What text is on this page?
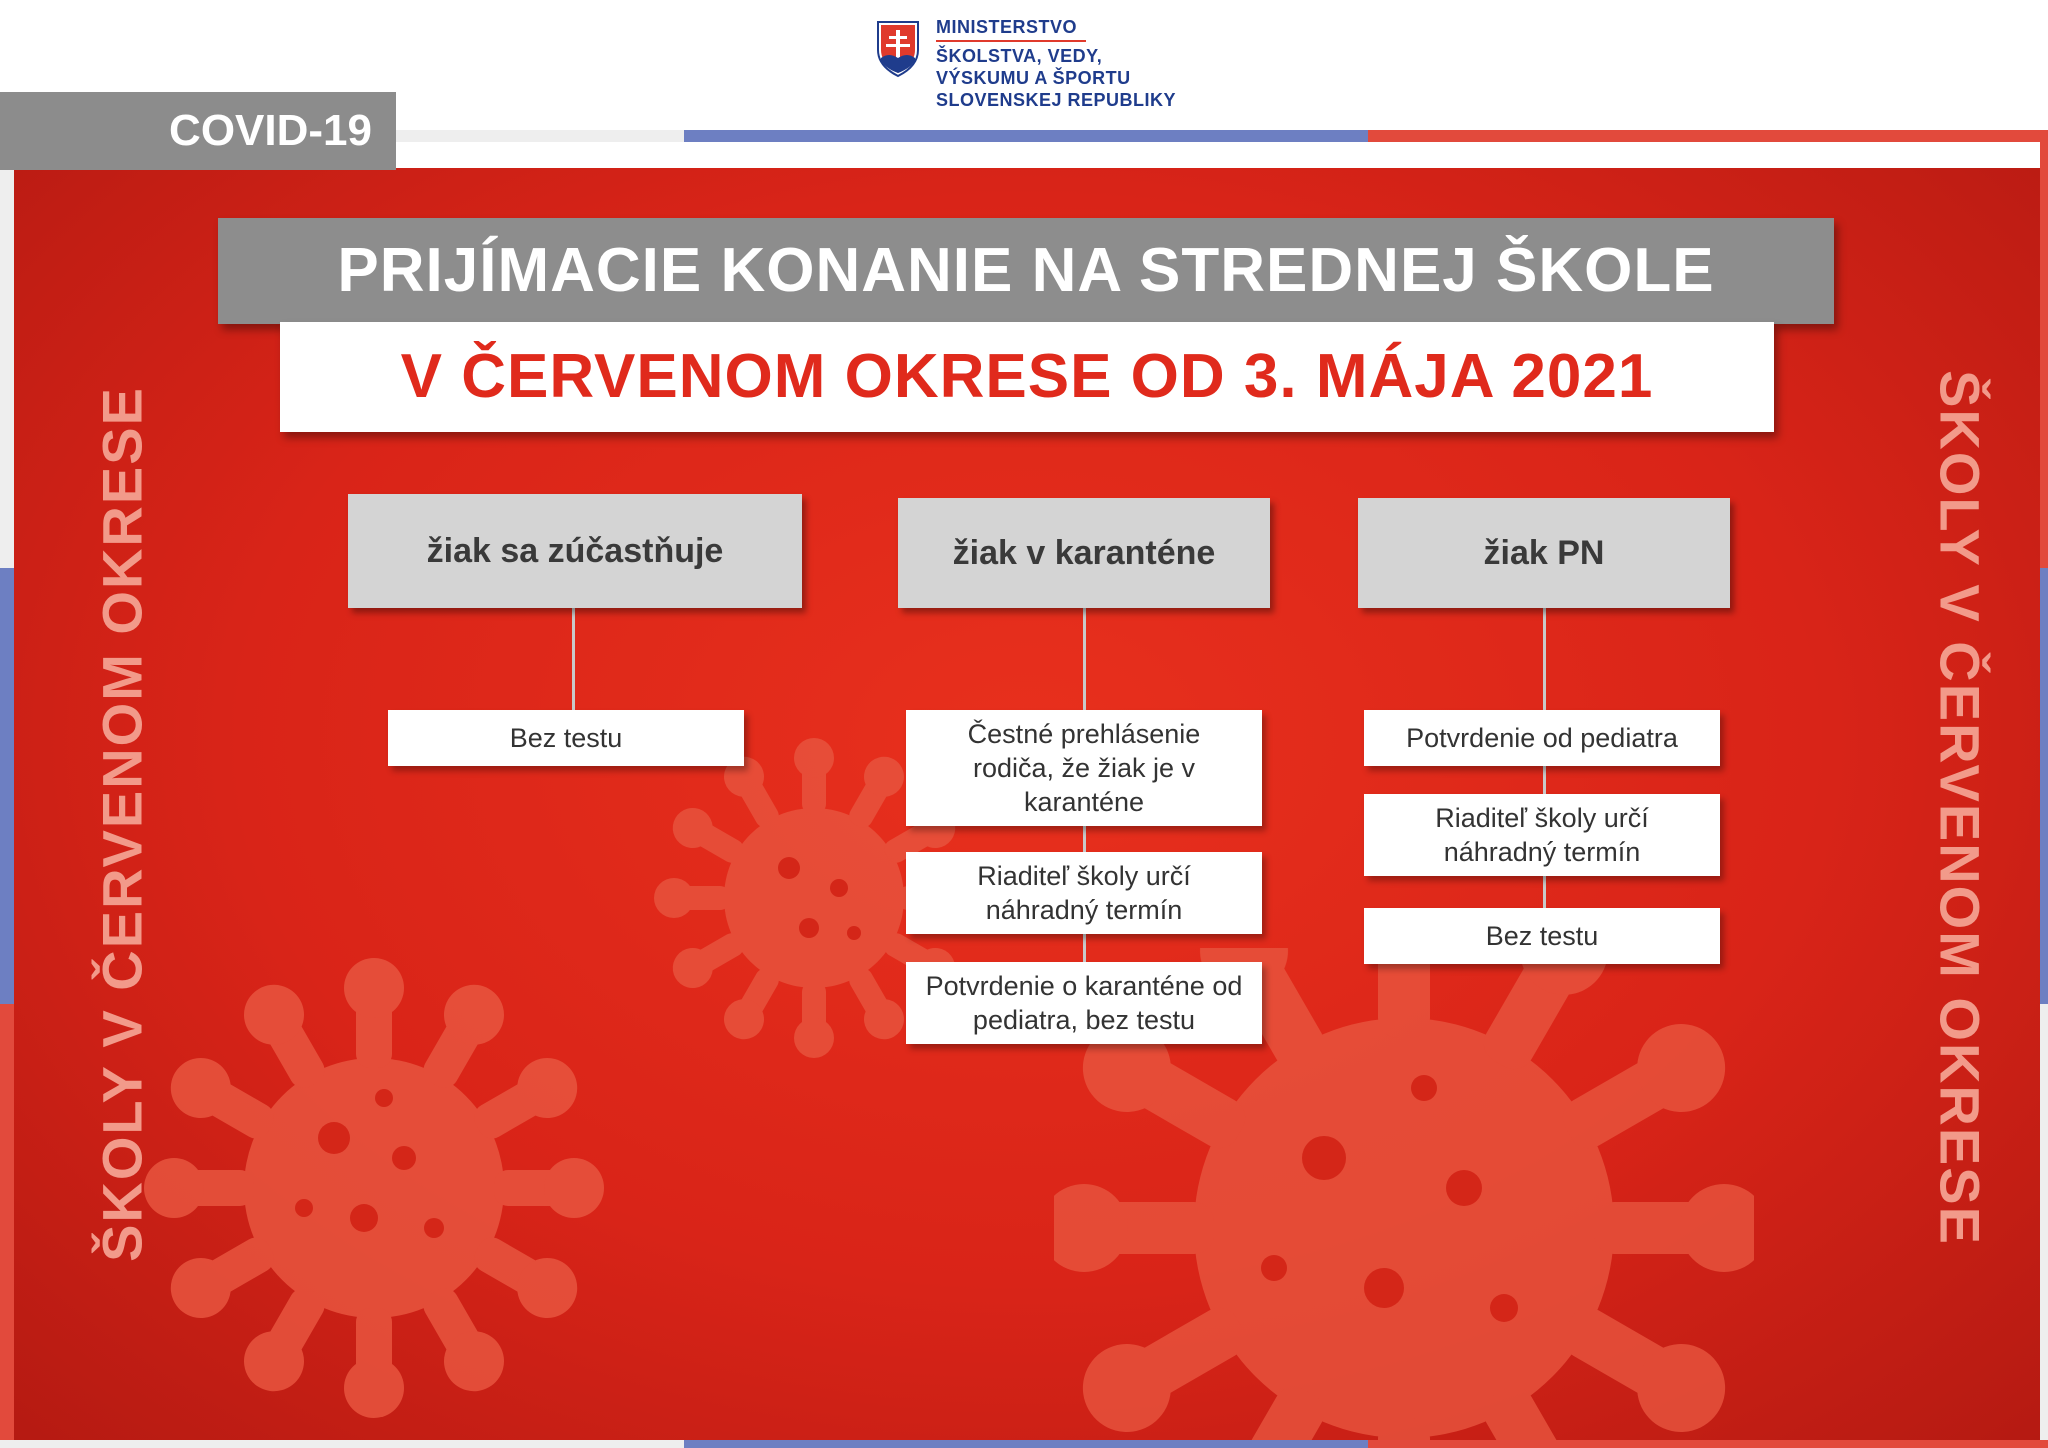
MINISTERSTVO
ŠKOLSTVA, VEDY,
VÝSKUMU A ŠPORTU
SLOVENSKEJ REPUBLIKY
COVID-19
PRIJÍMACIE KONANIE NA STREDNEJ ŠKOLE
V ČERVENOM OKRESE OD 3. MÁJA 2021
ŠKOLY V ČERVENOM OKRESE	ŠKOLY V ČERVENOM OKRESE
žiak sa zúčastňuje
Bez testu
žiak v karanténe
Čestné prehlásenie rodiča, že žiak je v karanténe
Riaditeľ školy určí náhradný termín
Potvrdenie o karanténe od pediatra, bez testu
žiak PN
Potvrdenie od pediatra
Riaditeľ školy určí náhradný termín
Bez testu
